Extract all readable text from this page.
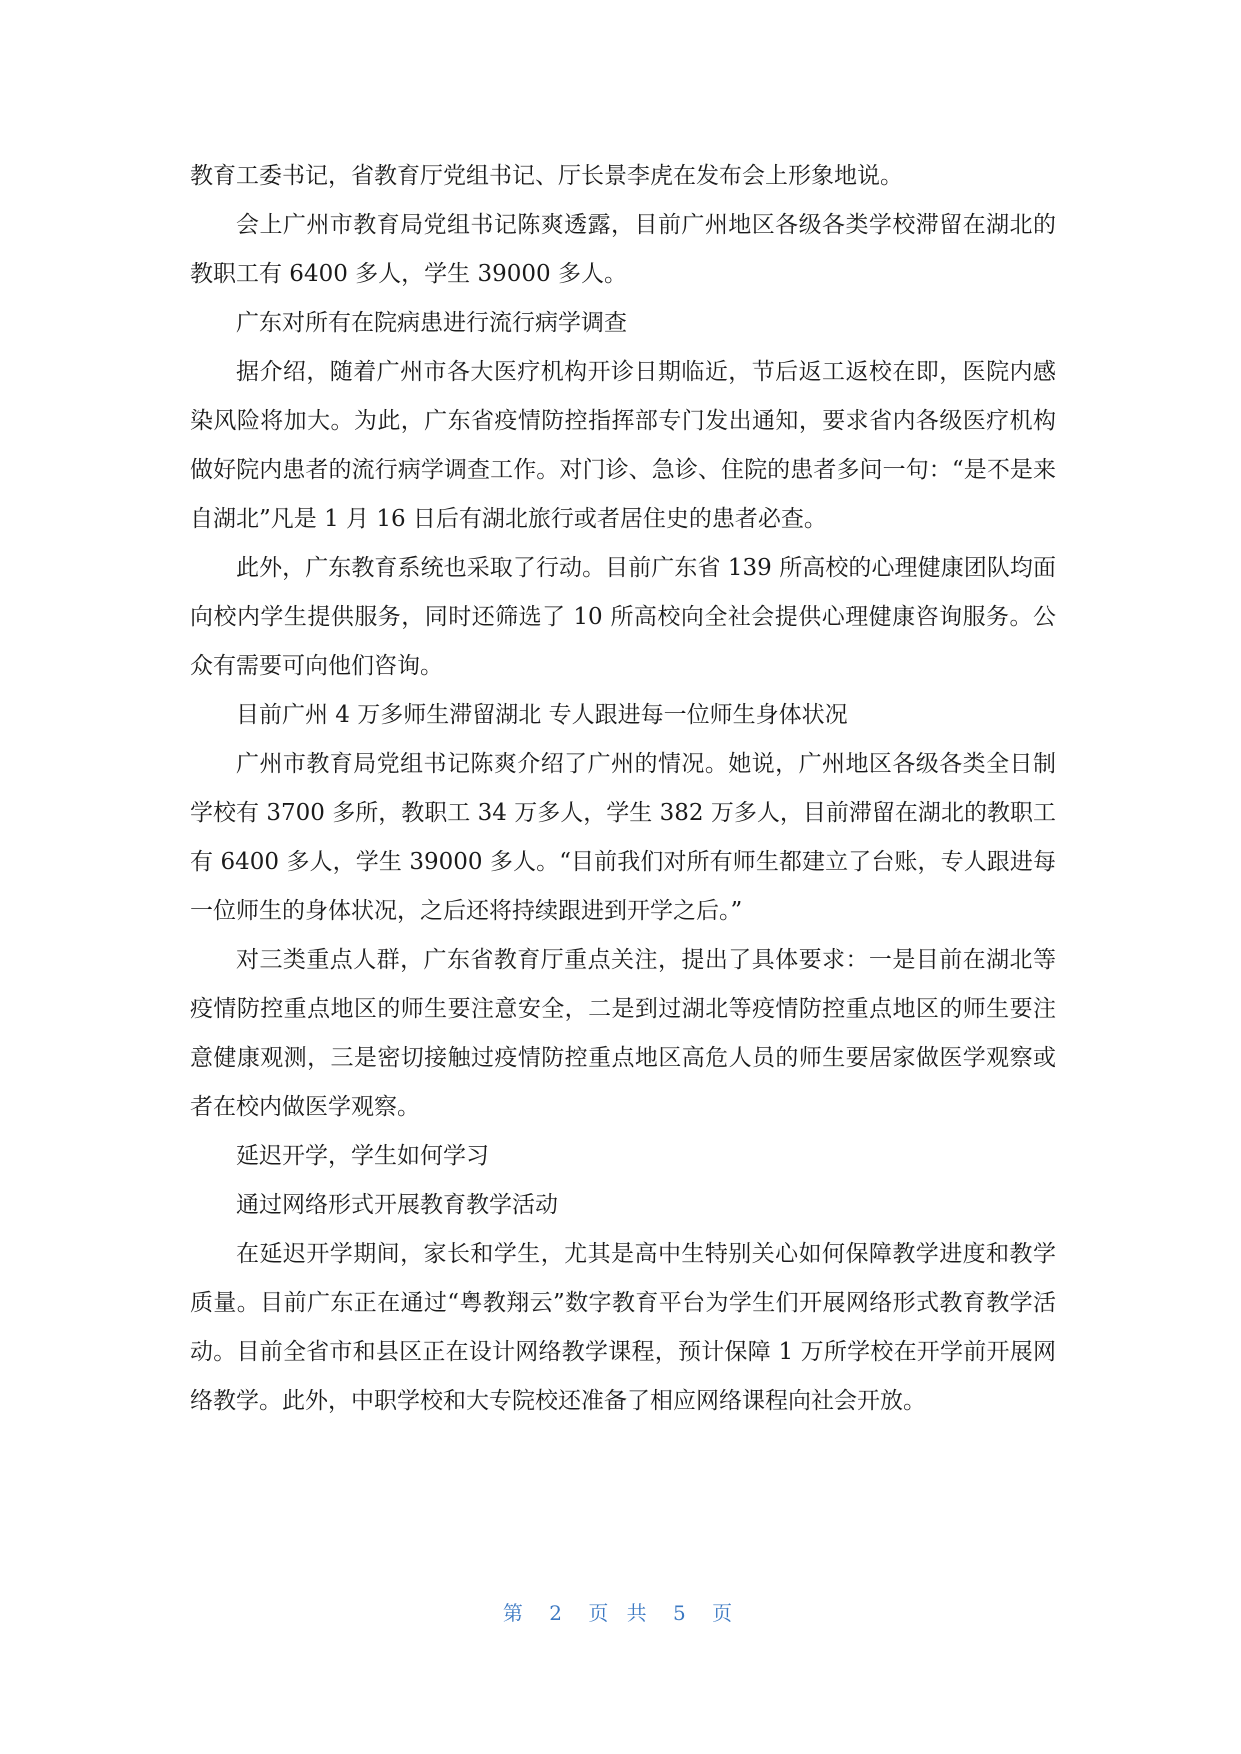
教育工委书记，省教育厅党组书记、厅长景李虎在发布会上形象地说。

会上广州市教育局党组书记陈爽透露，目前广州地区各级各类学校滞留在湖北的教职工有 6400 多人，学生 39000 多人。

广东对所有在院病患进行流行病学调查

据介绍，随着广州市各大医疗机构开诊日期临近，节后返工返校在即，医院内感染风险将加大。为此，广东省疫情防控指挥部专门发出通知，要求省内各级医疗机构做好院内患者的流行病学调查工作。对门诊、急诊、住院的患者多问一句：“是不是来自湖北”凡是 1 月 16 日后有湖北旅行或者居住史的患者必查。

此外，广东教育系统也采取了行动。目前广东省 139 所高校的心理健康团队均面向校内学生提供服务，同时还筛选了 10 所高校向全社会提供心理健康咨询服务。公众有需要可向他们咨询。

目前广州 4 万多师生滞留湖北 专人跟进每一位师生身体状况

广州市教育局党组书记陈爽介绍了广州的情况。她说，广州地区各级各类全日制学校有 3700 多所，教职工 34 万多人，学生 382 万多人，目前滞留在湖北的教职工有 6400 多人，学生 39000 多人。“目前我们对所有师生都建立了台账，专人跟进每一位师生的身体状况，之后还将持续跟进到开学之后。”

对三类重点人群，广东省教育厅重点关注，提出了具体要求：一是目前在湖北等疫情防控重点地区的师生要注意安全，二是到过湖北等疫情防控重点地区的师生要注意健康观测，三是密切接触过疫情防控重点地区高危人员的师生要居家做医学观察或者在校内做医学观察。

延迟开学，学生如何学习

通过网络形式开展教育教学活动

在延迟开学期间，家长和学生，尤其是高中生特别关心如何保障教学进度和教学质量。目前广东正在通过“粤教翔云”数字教育平台为学生们开展网络形式教育教学活动。目前全省市和县区正在设计网络教学课程，预计保障 1 万所学校在开学前开展网络教学。此外，中职学校和大专院校还准备了相应网络课程向社会开放。

第 2 页 共 5 页
